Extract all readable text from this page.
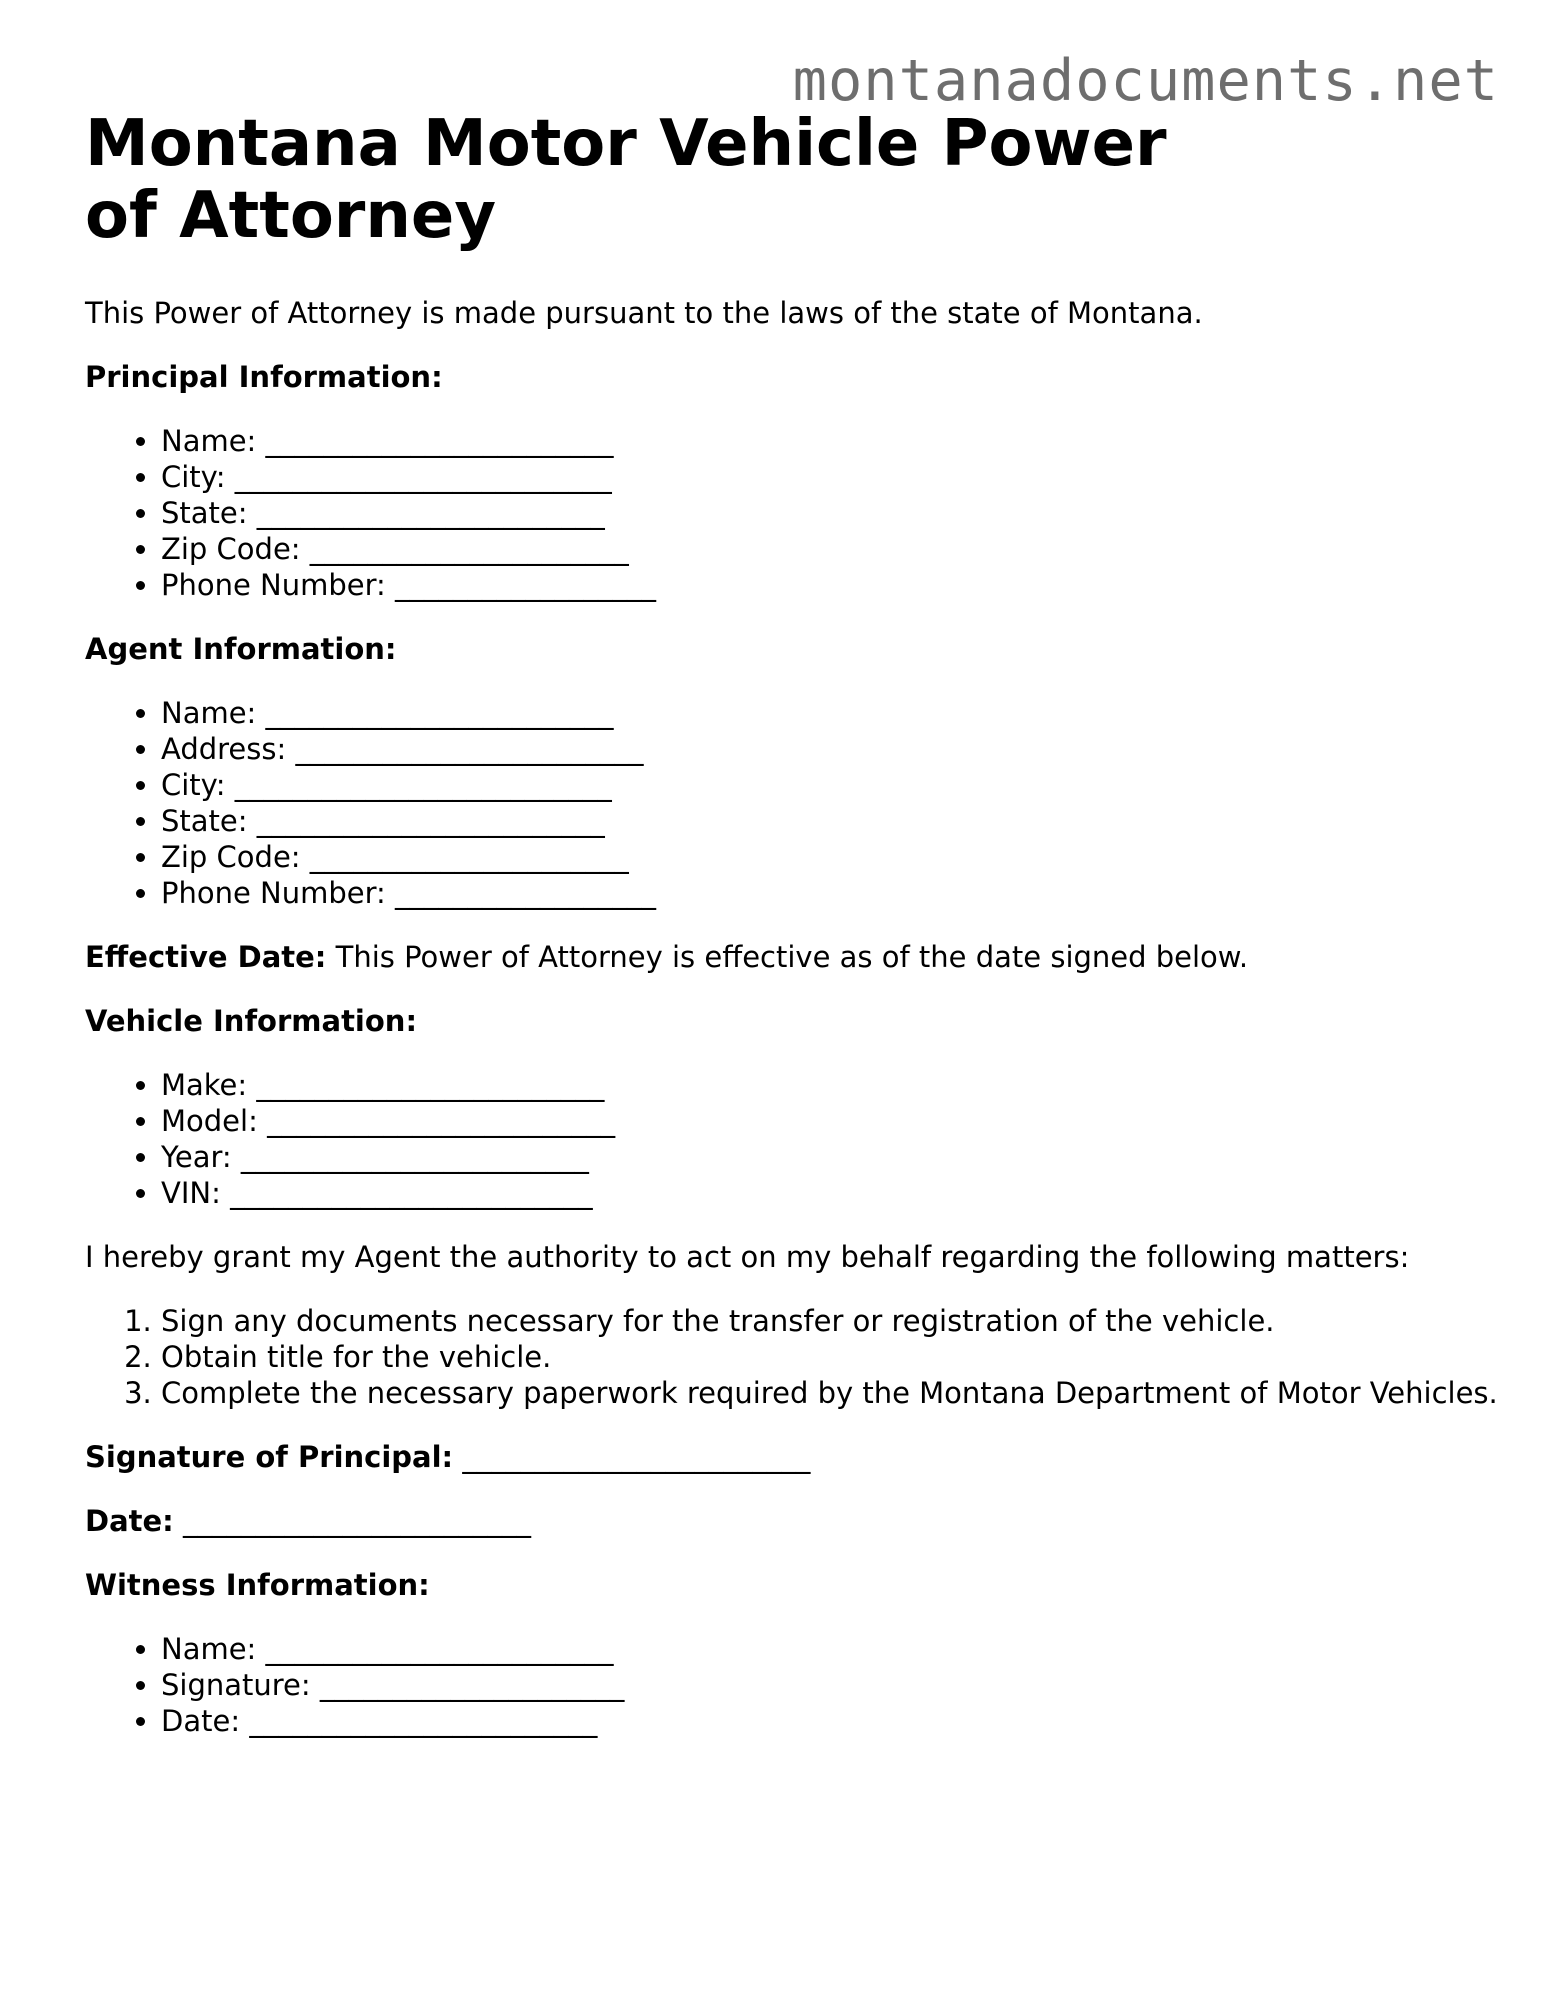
montanadocuments.net
Montana Motor Vehicle Power of Attorney

This Power of Attorney is made pursuant to the laws of the state of Montana.

Principal Information:

• Name: ________________________
• City: __________________________
• State: ________________________
• Zip Code: ______________________
• Phone Number: __________________

Agent Information:

• Name: ________________________
• Address: ________________________
• City: __________________________
• State: ________________________
• Zip Code: ______________________
• Phone Number: __________________

Effective Date: This Power of Attorney is effective as of the date signed below.

Vehicle Information:

• Make: ________________________
• Model: ________________________
• Year: ________________________
• VIN: _________________________

I hereby grant my Agent the authority to act on my behalf regarding the following matters:

1. Sign any documents necessary for the transfer or registration of the vehicle.
2. Obtain title for the vehicle.
3. Complete the necessary paperwork required by the Montana Department of Motor Vehicles.

Signature of Principal: ________________________

Date: ________________________

Witness Information:

• Name: ________________________
• Signature: _____________________
• Date: ________________________
